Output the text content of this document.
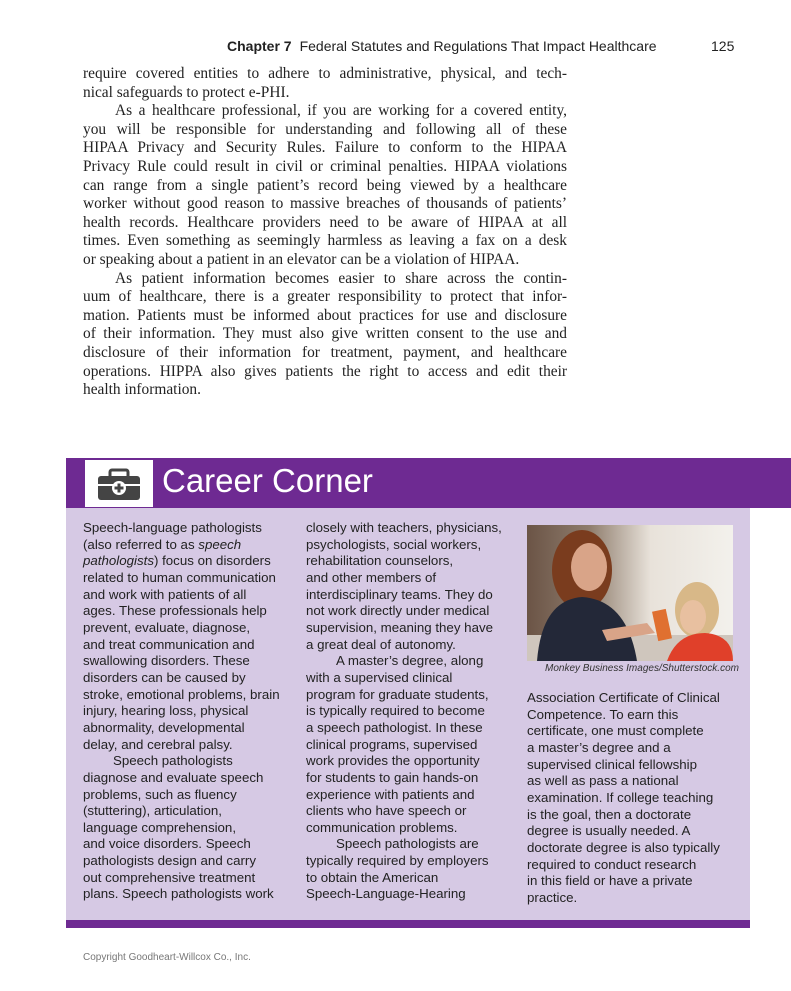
Chapter 7 Federal Statutes and Regulations That Impact Healthcare	125
require covered entities to adhere to administrative, physical, and tech-
nical safeguards to protect e-PHI.
As a healthcare professional, if you are working for a covered entity,
you will be responsible for understanding and following all of these
HIPAA Privacy and Security Rules. Failure to conform to the HIPAA
Privacy Rule could result in civil or criminal penalties. HIPAA violations
can range from a single patient’s record being viewed by a healthcare
worker without good reason to massive breaches of thousands of patients’
health records. Healthcare providers need to be aware of HIPAA at all
times. Even something as seemingly harmless as leaving a fax on a desk
or speaking about a patient in an elevator can be a violation of HIPAA.
As patient information becomes easier to share across the contin-
uum of healthcare, there is a greater responsibility to protect that infor-
mation. Patients must be informed about practices for use and disclosure
of their information. They must also give written consent to the use and
disclosure of their information for treatment, payment, and healthcare
operations. HIPPA also gives patients the right to access and edit their
health information.
Career Corner
Speech-language pathologists
(also referred to as speech
pathologists) focus on disorders
related to human communication
and work with patients of all
ages. These professionals help
prevent, evaluate, diagnose,
and treat communication and
swallowing disorders. These
disorders can be caused by
stroke, emotional problems, brain
injury, hearing loss, physical
abnormality, developmental
delay, and cerebral palsy.
Speech pathologists
diagnose and evaluate speech
problems, such as fluency
(stuttering), articulation,
language comprehension,
and voice disorders. Speech
pathologists design and carry
out comprehensive treatment
plans. Speech pathologists work
closely with teachers, physicians,
psychologists, social workers,
rehabilitation counselors,
and other members of
interdisciplinary teams. They do
not work directly under medical
supervision, meaning they have
a great deal of autonomy.
A master’s degree, along
with a supervised clinical
program for graduate students,
is typically required to become
a speech pathologist. In these
clinical programs, supervised
work provides the opportunity
for students to gain hands-on
experience with patients and
clients who have speech or
communication problems.
Speech pathologists are
typically required by employers
to obtain the American
Speech-Language-Hearing
Association Certificate of Clinical
Competence. To earn this
certificate, one must complete
a master’s degree and a
supervised clinical fellowship
as well as pass a national
examination. If college teaching
is the goal, then a doctorate
degree is usually needed. A
doctorate degree is also typically
required to conduct research
in this field or have a private
practice.
Monkey Business Images/Shutterstock.com
Copyright Goodheart-Willcox Co., Inc.
